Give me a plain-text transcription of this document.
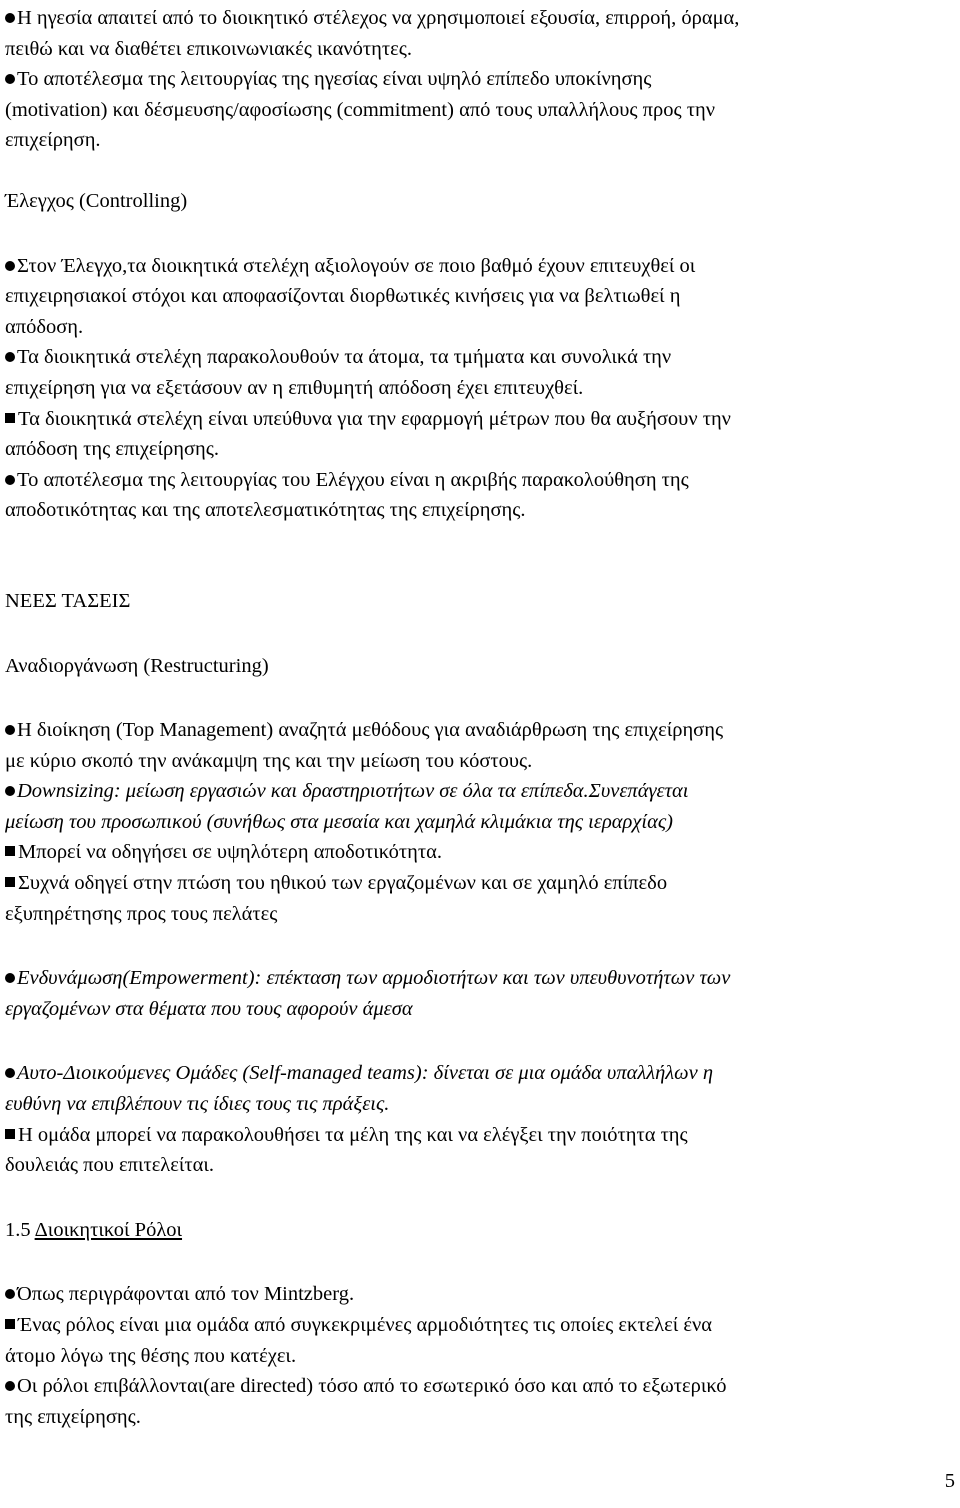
Η ηγεσία απαιτεί από το διοικητικό στέλεχος να χρησιμοποιεί εξουσία, επιρροή, όραμα,

πειθώ και να διαθέτει επικοινωνιακές ικανότητες.

Το αποτέλεσμα της λειτουργίας της ηγεσίας είναι υψηλό επίπεδο υποκίνησης

(motivation) και δέσμευσης/αφοσίωσης (commitment) από τους υπαλλήλους προς την

επιχείρηση.

Έλεγχος (Controlling)

Στον Έλεγχο,τα διοικητικά στελέχη αξιολογούν σε ποιο βαθμό έχουν επιτευχθεί οι

επιχειρησιακοί στόχοι και αποφασίζονται διορθωτικές κινήσεις για να βελτιωθεί η

απόδοση.

Τα διοικητικά στελέχη παρακολουθούν τα άτομα, τα τμήματα και συνολικά την

επιχείρηση για να εξετάσουν αν η επιθυμητή απόδοση έχει επιτευχθεί.

Τα διοικητικά στελέχη είναι υπεύθυνα για την εφαρμογή μέτρων που θα αυξήσουν την

απόδοση της επιχείρησης.

Το αποτέλεσμα της λειτουργίας του Ελέγχου είναι η ακριβής παρακολούθηση της

αποδοτικότητας και της αποτελεσματικότητας της επιχείρησης.

ΝΕΕΣ ΤΑΣΕΙΣ

Αναδιοργάνωση (Restructuring)

Η διοίκηση (Top Management) αναζητά μεθόδους για αναδιάρθρωση της επιχείρησης

με κύριο σκοπό την ανάκαμψη της και την μείωση του κόστους.

Downsizing: μείωση εργασιών και δραστηριοτήτων σε όλα τα επίπεδα.Συνεπάγεται

μείωση του προσωπικού (συνήθως στα μεσαία και χαμηλά κλιμάκια της ιεραρχίας)

Μπορεί να οδηγήσει σε υψηλότερη αποδοτικότητα.

Συχνά οδηγεί στην πτώση του ηθικού των εργαζομένων και σε χαμηλό επίπεδο

εξυπηρέτησης προς τους πελάτες

Ενδυνάμωση(Empowerment): επέκταση των αρμοδιοτήτων και των υπευθυνοτήτων των

εργαζομένων στα θέματα που τους αφορούν άμεσα

Αυτο-Διοικούμενες Ομάδες (Self-managed teams): δίνεται σε μια ομάδα υπαλλήλων η

ευθύνη να επιβλέπουν τις ίδιες τους τις πράξεις.

Η ομάδα μπορεί να παρακολουθήσει τα μέλη της και να ελέγξει την ποιότητα της

δουλειάς που επιτελείται.

1.5 Διοικητικοί Ρόλοι

Όπως περιγράφονται από τον Mintzberg.

Ένας ρόλος είναι μια ομάδα από συγκεκριμένες αρμοδιότητες τις οποίες εκτελεί ένα

άτομο λόγω της θέσης που κατέχει.

Οι ρόλοι επιβάλλονται(are directed) τόσο από το εσωτερικό όσο και από το εξωτερικό

της επιχείρησης.

5
